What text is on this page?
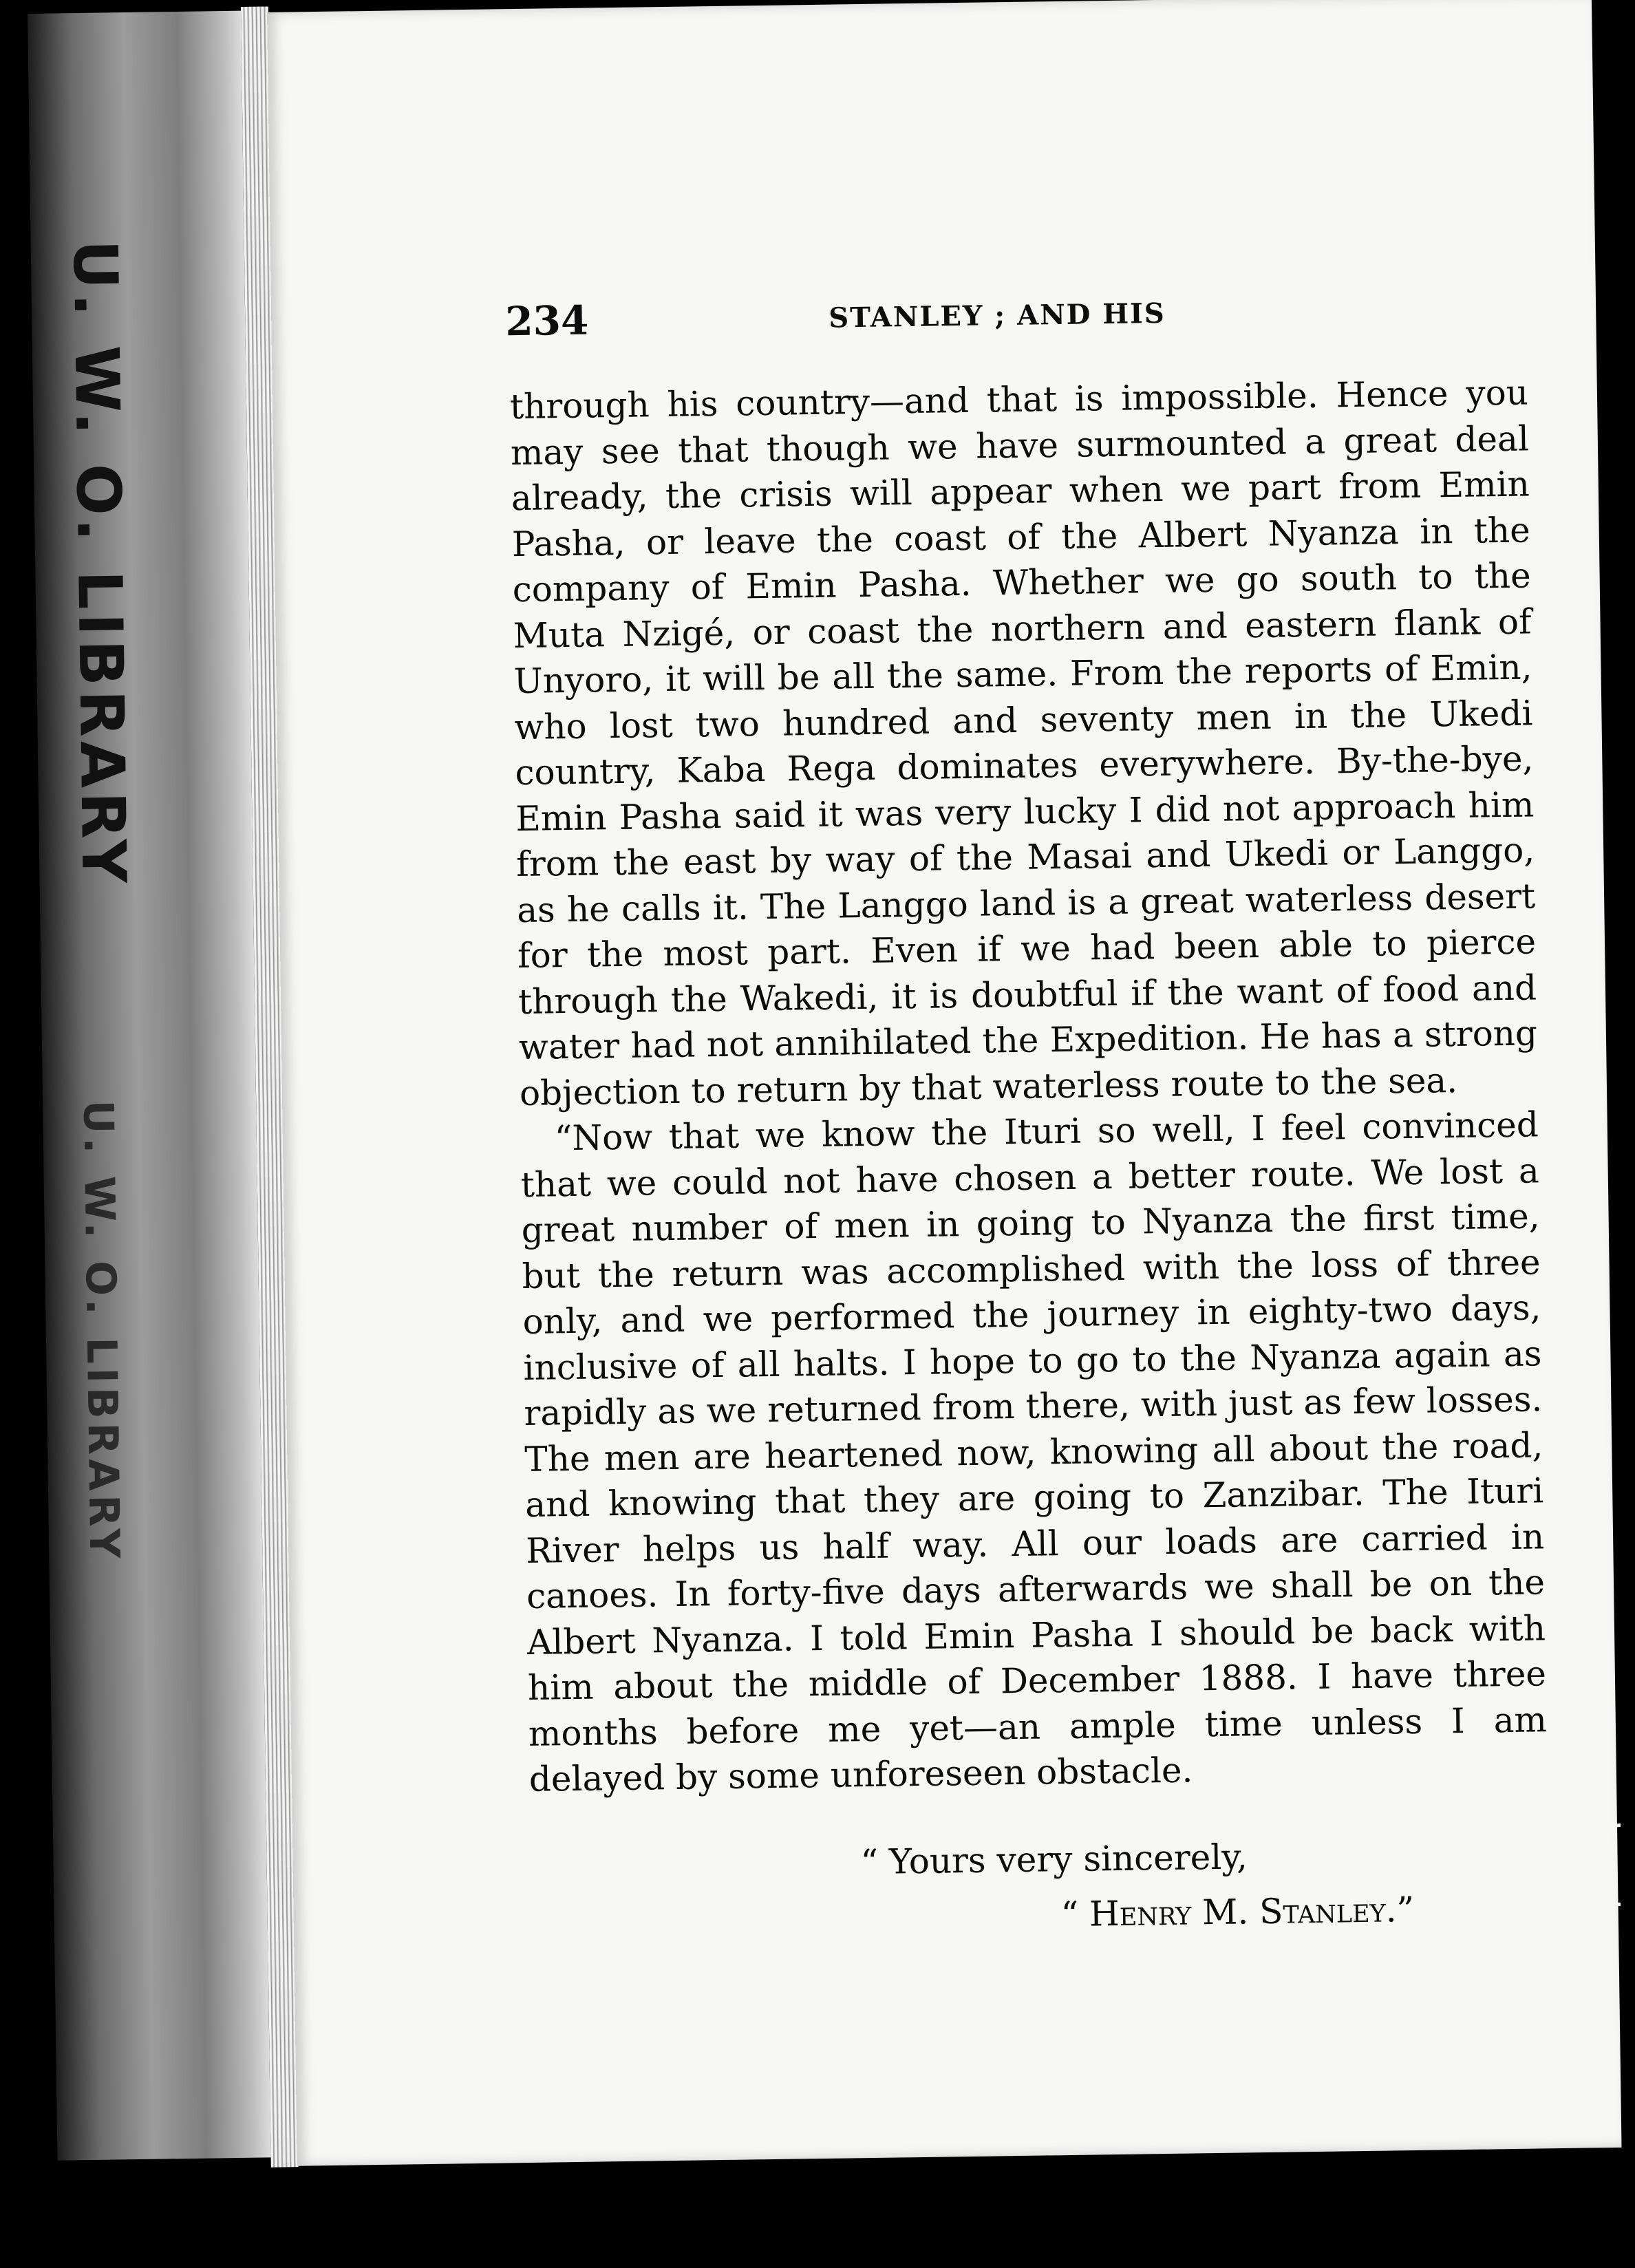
U. W. O. LIBRARY
U. W. O. LIBRARY
234	STANLEY ; AND HIS

through his country—and that is impossible. Hence you may see that though we have surmounted a great deal already, the crisis will appear when we part from Emin Pasha, or leave the coast of the Albert Nyanza in the company of Emin Pasha. Whether we go south to the Muta Nzigé, or coast the northern and eastern flank of Unyoro, it will be all the same. From the reports of Emin, who lost two hundred and seventy men in the Ukedi country, Kaba Rega dominates everywhere. By-the-bye, Emin Pasha said it was very lucky I did not approach him from the east by way of the Masai and Ukedi or Langgo, as he calls it. The Langgo land is a great waterless desert for the most part. Even if we had been able to pierce through the Wakedi, it is doubtful if the want of food and water had not annihilated the Expedition. He has a strong objection to return by that waterless route to the sea.

“Now that we know the Ituri so well, I feel convinced that we could not have chosen a better route. We lost a great number of men in going to Nyanza the first time, but the return was accomplished with the loss of three only, and we performed the journey in eighty-two days, inclusive of all halts. I hope to go to the Nyanza again as rapidly as we returned from there, with just as few losses. The men are heartened now, knowing all about the road, and knowing that they are going to Zanzibar. The Ituri River helps us half way. All our loads are carried in canoes. In forty-five days afterwards we shall be on the Albert Nyanza. I told Emin Pasha I should be back with him about the middle of December 1888. I have three months before me yet—an ample time unless I am delayed by some unforeseen obstacle.

“ Yours very sincerely,
“ Henry M. Stanley.”
